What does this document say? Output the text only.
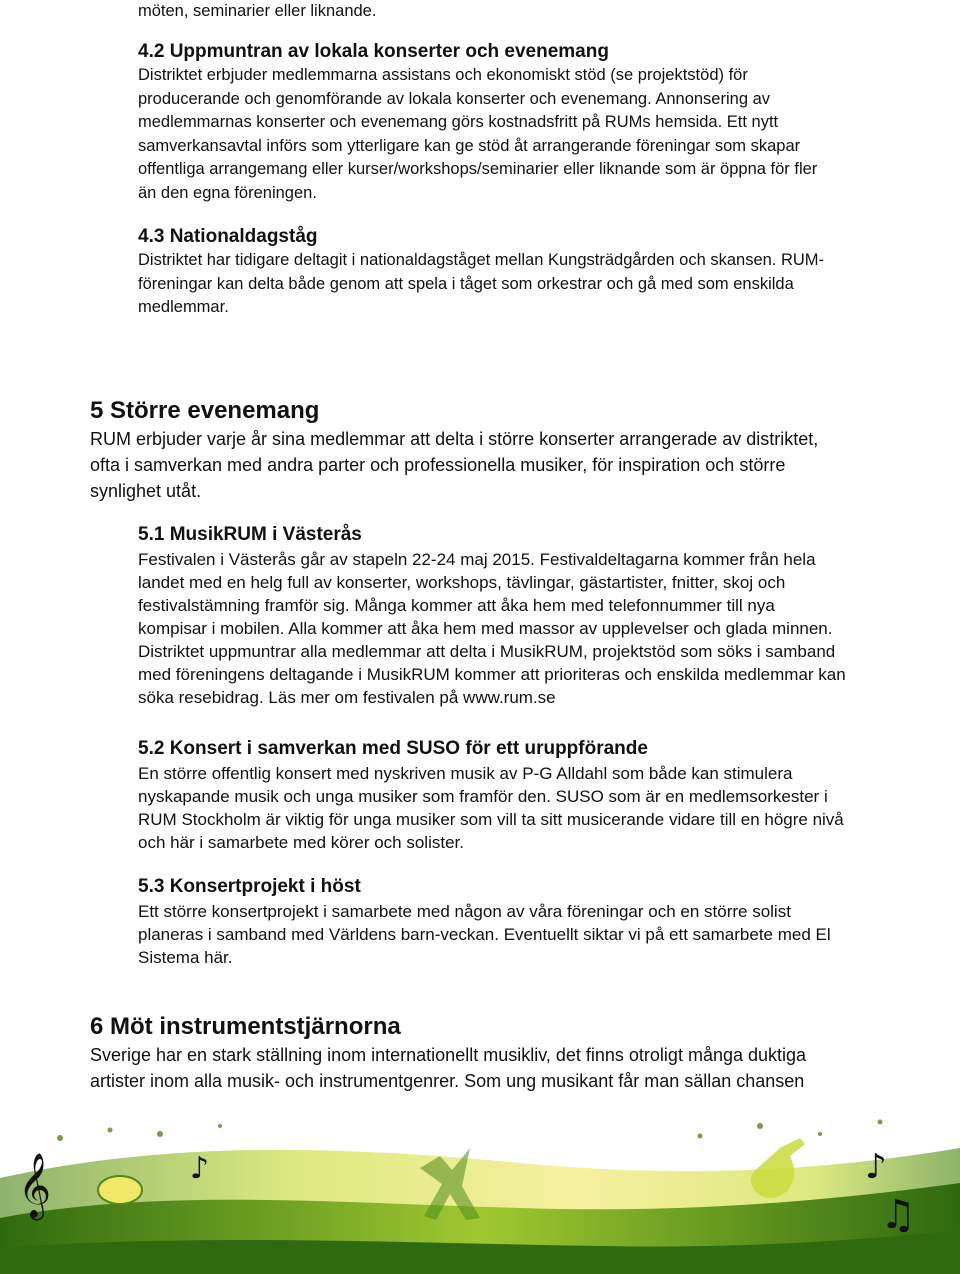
möten, seminarier eller liknande.

4.2 Uppmuntran av lokala konserter och evenemang

Distriktet erbjuder medlemmarna assistans och ekonomiskt stöd (se projektstöd) för

producerande och genomförande av lokala konserter och evenemang. Annonsering av

medlemmarnas konserter och evenemang görs kostnadsfritt på RUMs hemsida. Ett nytt

samverkansavtal införs som ytterligare kan ge stöd åt arrangerande föreningar som skapar

offentliga arrangemang eller kurser/workshops/seminarier eller liknande som är öppna för fler

än den egna föreningen.

4.3 Nationaldagståg

Distriktet har tidigare deltagit i nationaldagståget mellan Kungsträdgården och skansen. RUM-

föreningar kan delta både genom att spela i tåget som orkestrar och gå med som enskilda

medlemmar.

5 Större evenemang

RUM erbjuder varje år sina medlemmar att delta i större konserter arrangerade av distriktet,

ofta i samverkan med andra parter och professionella musiker, för inspiration och större

synlighet utåt.

5.1 MusikRUM i Västerås

Festivalen i Västerås går av stapeln 22-24 maj 2015. Festivaldeltagarna kommer från hela

landet med en helg full av konserter, workshops, tävlingar, gästartister, fnitter, skoj och

festivalstämning framför sig. Många kommer att åka hem med telefonnummer till nya

kompisar i mobilen. Alla kommer att åka hem med massor av upplevelser och glada minnen.

Distriktet uppmuntrar alla medlemmar att delta i MusikRUM, projektstöd som söks i samband

med föreningens deltagande i MusikRUM kommer att prioriteras och enskilda medlemmar kan

söka resebidrag. Läs mer om festivalen på www.rum.se

5.2 Konsert i samverkan med SUSO för ett uruppförande

En större offentlig konsert med nyskriven musik av P-G Alldahl som både kan stimulera

nyskapande musik och unga musiker som framför den. SUSO som är en medlemsorkester i

RUM Stockholm är viktig för unga musiker som vill ta sitt musicerande vidare till en högre nivå

och här i samarbete med körer och solister.

5.3 Konsertprojekt i höst

Ett större konsertprojekt i samarbete med någon av våra föreningar och en större solist

planeras i samband med Världens barn-veckan. Eventuellt siktar vi på ett samarbete med El

Sistema här.

6 Möt instrumentstjärnorna

Sverige har en stark ställning inom internationellt musikliv, det finns otroligt många duktiga

artister inom alla musik- och instrumentgenrer. Som ung musikant får man sällan chansen

𝄞	♪	♪
♫
